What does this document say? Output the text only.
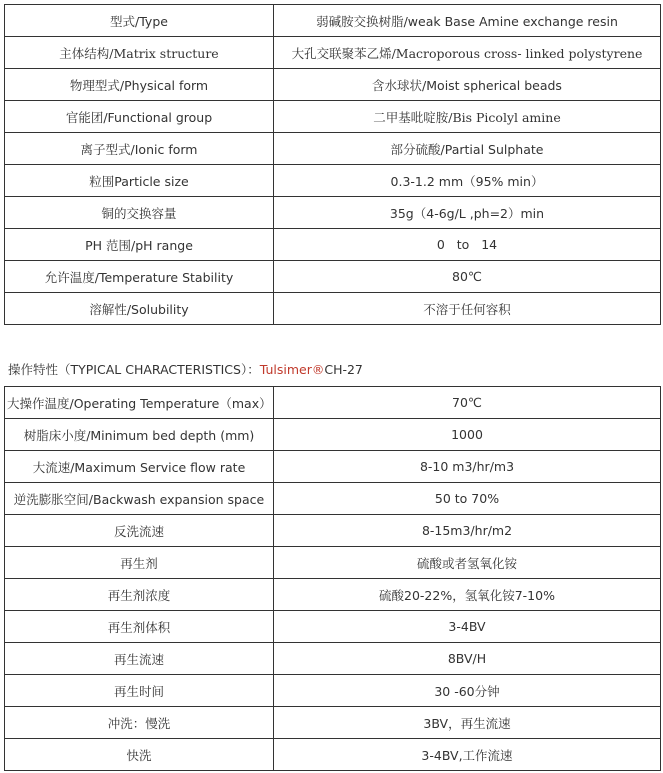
型式/Type	弱碱胺交换树脂/weak Base Amine exchange resin
主体结构/Matrix structure	大孔交联聚苯乙烯/Macroporous cross- linked polystyrene
物理型式/Physical form	含水球状/Moist spherical beads
官能团/Functional group	二甲基吡啶胺/Bis Picolyl amine
离子型式/Ionic form	部分硫酸/Partial Sulphate
粒围Particle size	0.3-1.2 mm（95% min）
铜的交换容量	35g（4-6g/L ,ph=2）min
PH 范围/pH range	0   to   14
允许温度/Temperature Stability	80℃
溶解性/Solubility	不溶于任何容积
操作特性（TYPICAL CHARACTERISTICS）：Tulsimer®CH-27
大操作温度/Operating Temperature（max）	70℃
树脂床小度/Minimum bed depth (mm)	1000
大流速/Maximum Service flow rate	8-10 m3/hr/m3
逆洗膨胀空间/Backwash expansion space	50 to 70%
反洗流速	8-15m3/hr/m2
再生剂	硫酸或者氢氧化铵
再生剂浓度	硫酸20-22%，氢氧化铵7-10%
再生剂体积	3-4BV
再生流速	8BV/H
再生时间	30 -60分钟
冲洗：慢洗	3BV，再生流速
快洗	3-4BV,工作流速
